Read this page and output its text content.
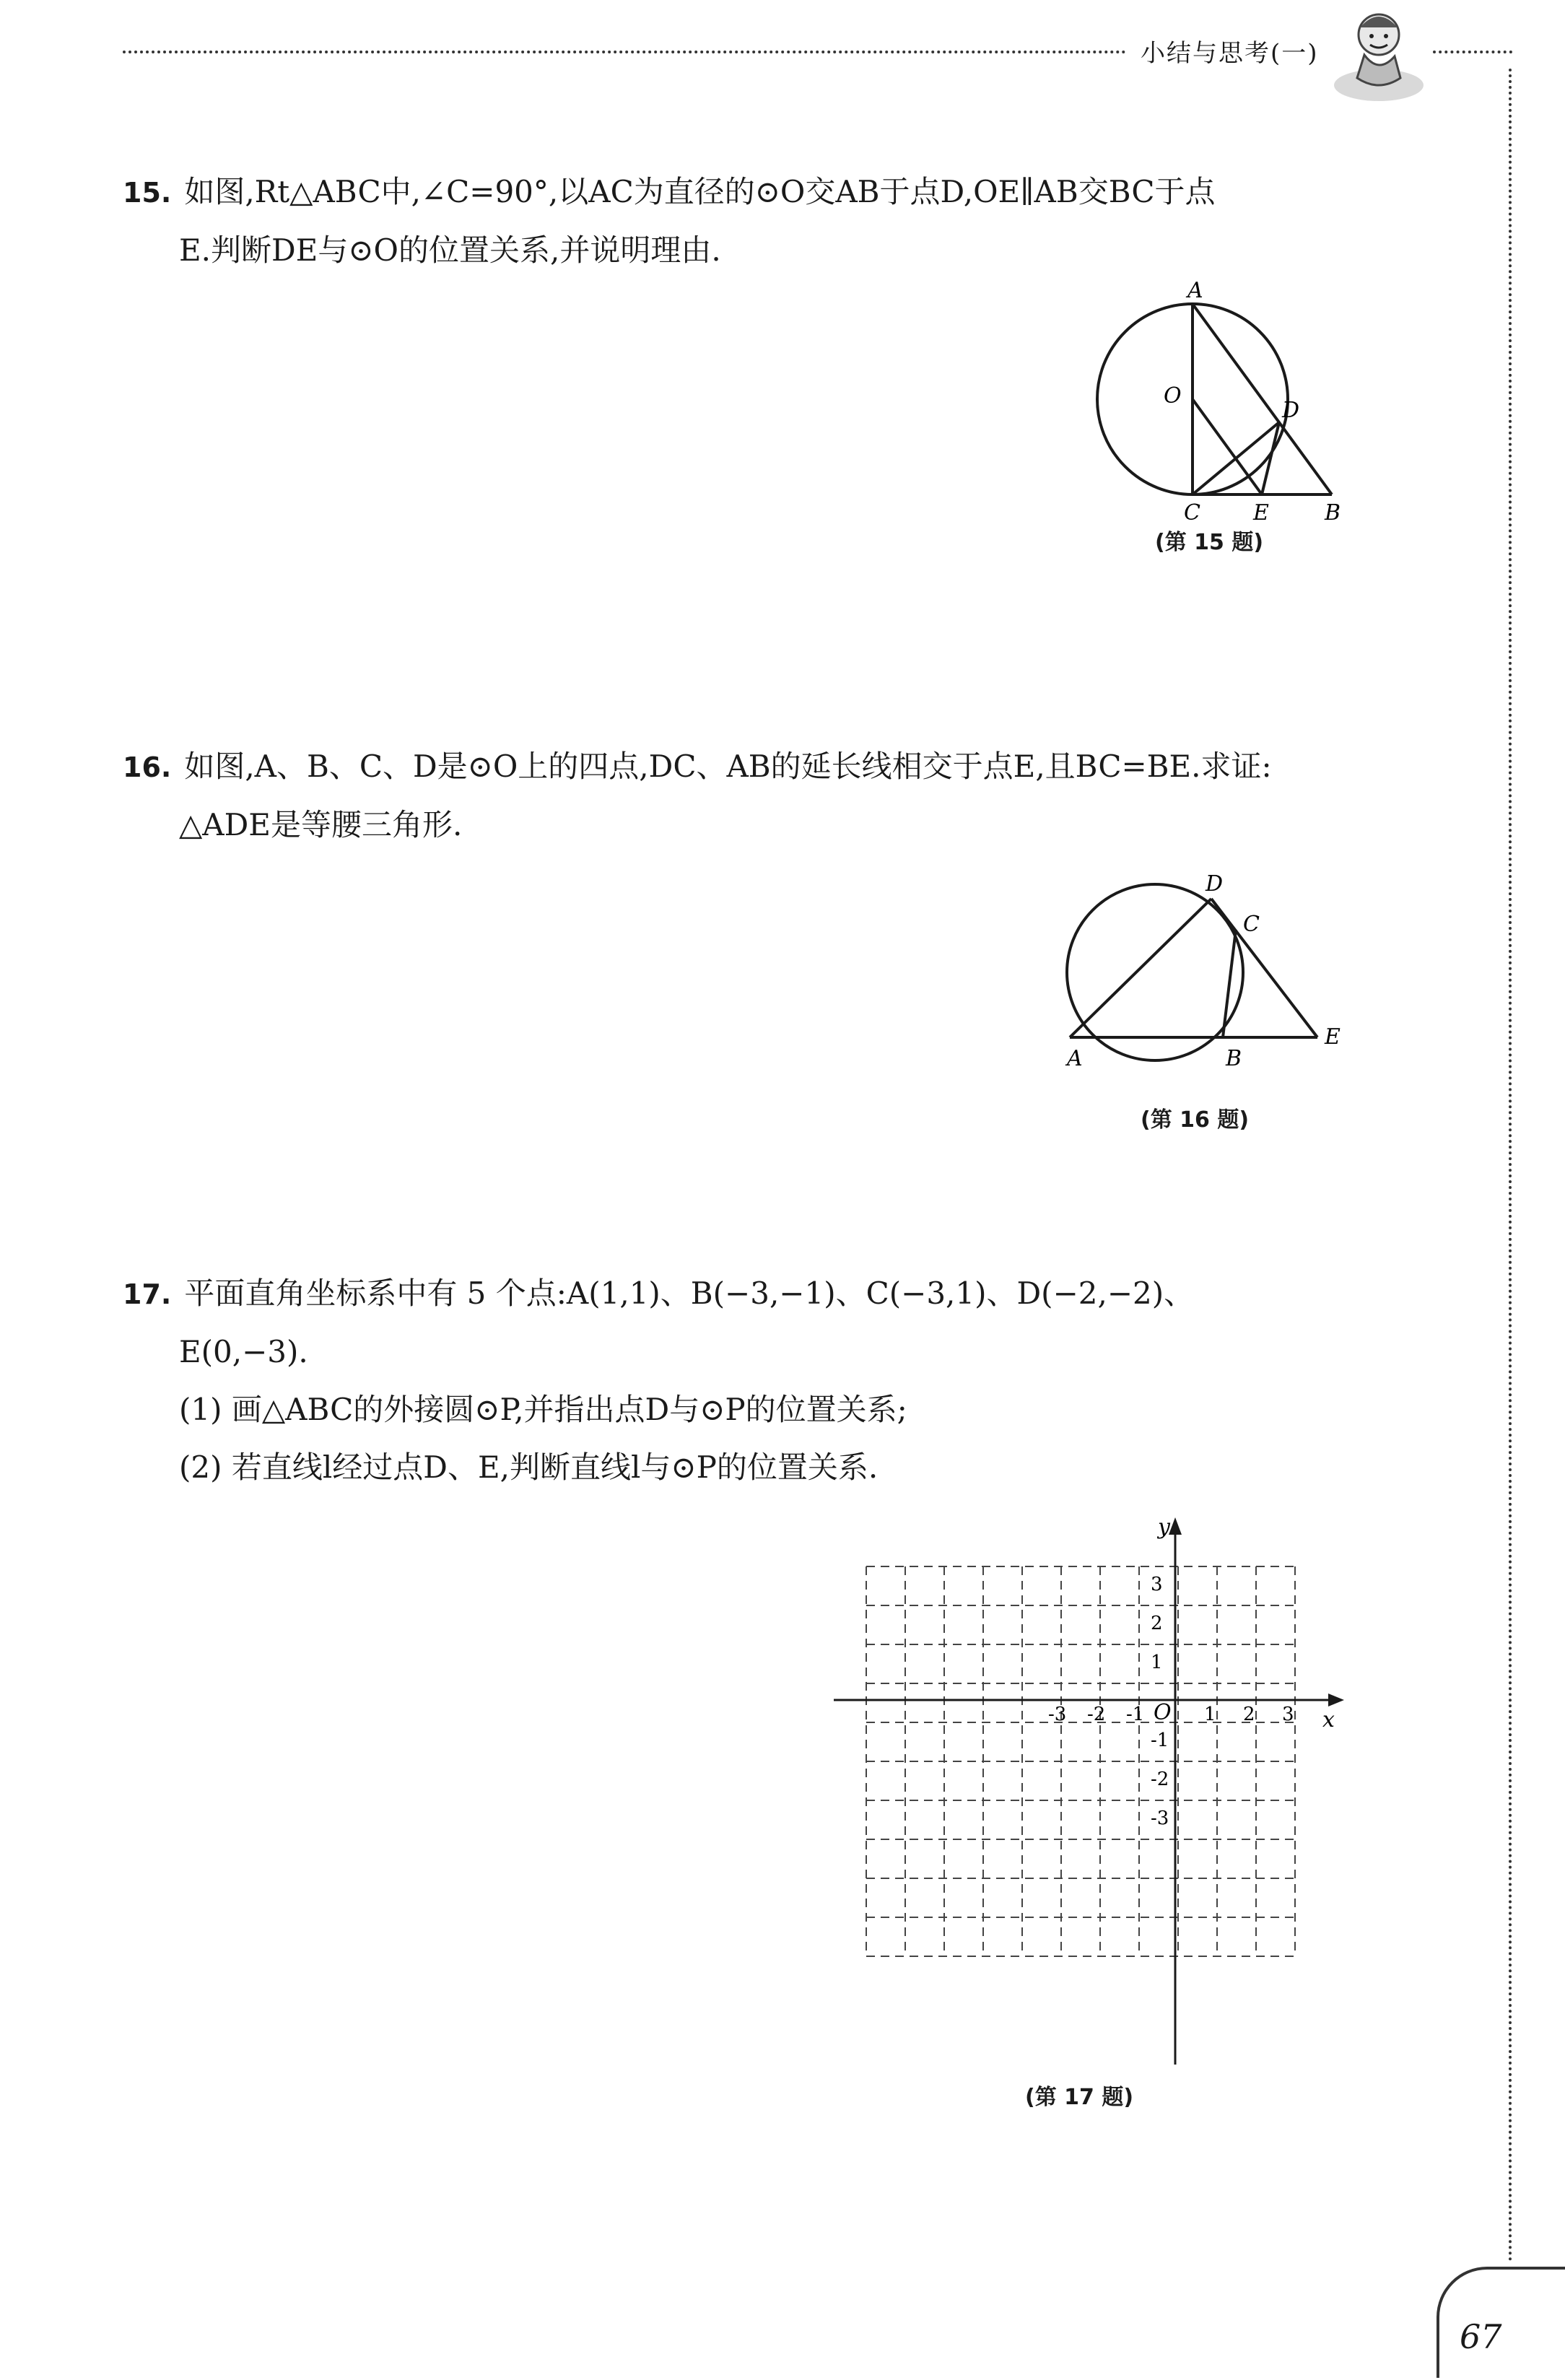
小结与思考(一)
15. 如图,Rt△ABC中,∠C=90°,以AC为直径的⊙O交AB于点D,OE∥AB交BC于点
E.判断DE与⊙O的位置关系,并说明理由.
A
O
D
C E	B
(第 15 题)
16. 如图,A、B、C、D是⊙O上的四点,DC、AB的延长线相交于点E,且BC=BE.求证:
△ADE是等腰三角形.
D
C
A	B
E
(第 16 题)
17. 平面直角坐标系中有 5 个点:A(1,1)、B(−3,−1)、C(−3,1)、D(−2,−2)、
E(0,−3).
(1) 画△ABC的外接圆⊙P,并指出点D与⊙P的位置关系;
(2) 若直线l经过点D、E,判断直线l与⊙P的位置关系.
x
y
O
-3 -2 -1	1 2 3
3
2
1
-1
-2
-3
(第 17 题)
67
